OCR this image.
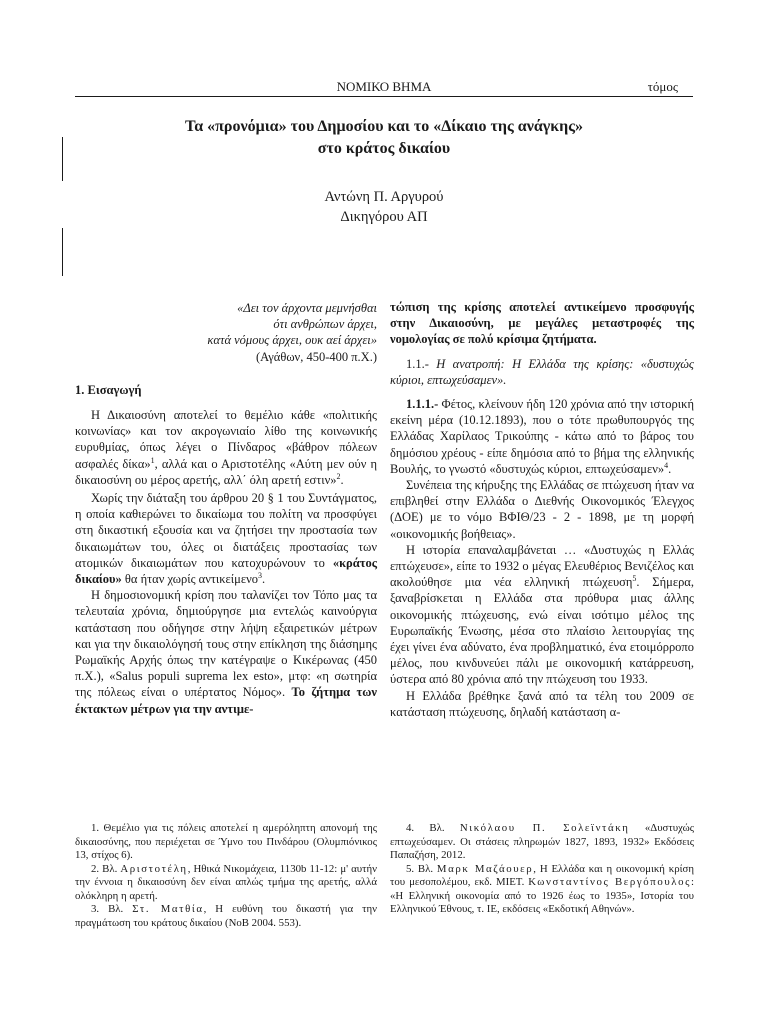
ΝΟΜΙΚΟ ΒΗΜΑ	τόμος
Τα «προνόμια» του Δημοσίου και το «Δίκαιο της ανάγκης»
στο κράτος δικαίου
Αντώνη Π. Αργυρού
Δικηγόρου ΑΠ
«Δει τον άρχοντα μεμνήσθαι
ότι ανθρώπων άρχει,
κατά νόμους άρχει, ουκ αεί άρχει»
(Αγάθων, 450-400 π.Χ.)
1. Εισαγωγή

Η Δικαιοσύνη αποτελεί το θεμέλιο κάθε «πολιτικής κοινωνίας» και τον ακρογωνιαίο λίθο της κοινωνικής ευρυθμίας, όπως λέγει ο Πίνδαρος «βάθρον πόλεων ασφαλές δίκα»$^1$, αλλά και ο Αριστοτέλης «Αύτη μεν ούν η δικαιοσύνη ου μέρος αρετής, αλλ΄ όλη αρετή εστιν»$^2$.

Χωρίς την διάταξη του άρθρου 20 § 1 του Συντάγματος, η οποία καθιερώνει το δικαίωμα του πολίτη να προσφύγει στη δικαστική εξουσία και να ζητήσει την προστασία των δικαιωμάτων του, όλες οι διατάξεις προστασίας των ατομικών δικαιωμάτων που κατοχυρώνουν το «κράτος δικαίου» θα ήταν χωρίς αντικείμενο$^3$.

Η δημοσιονομική κρίση που ταλανίζει τον Τόπο μας τα τελευταία χρόνια, δημιούργησε μια εντελώς καινούργια κατάσταση που οδήγησε στην λήψη εξαιρετικών μέτρων και για την δικαιολόγησή τους στην επίκληση της διάσημης Ρωμαϊκής Αρχής όπως την κατέγραψε ο Κικέρωνας (450 π.Χ.), «Salus populi suprema lex esto», μτφ: «η σωτηρία της πόλεως είναι ο υπέρτατος Νόμος». Το ζήτημα των έκτακτων μέτρων για την αντιμε-

τώπιση της κρίσης αποτελεί αντικείμενο προσφυγής στην Δικαιοσύνη, με μεγάλες μεταστροφές της νομολογίας σε πολύ κρίσιμα ζητήματα.

1.1.- Η ανατροπή: Η Ελλάδα της κρίσης: «δυστυχώς κύριοι, επτωχεύσαμεν».

1.1.1.- Φέτος, κλείνουν ήδη 120 χρόνια από την ιστορική εκείνη μέρα (10.12.1893), που ο τότε πρωθυπουργός της Ελλάδας Χαρίλαος Τρικούπης - κάτω από το βάρος του δημόσιου χρέους - είπε δημόσια από το βήμα της ελληνικής Βουλής, το γνωστό «δυστυχώς κύριοι, επτωχεύσαμεν»$^4$.

Συνέπεια της κήρυξης της Ελλάδας σε πτώχευση ήταν να επιβληθεί στην Ελλάδα ο Διεθνής Οικονομικός Έλεγχος (ΔΟΕ) με το νόμο ΒΦΙΘ/23 - 2 - 1898, με τη μορφή «οικονομικής βοήθειας».

Η ιστορία επαναλαμβάνεται … «Δυστυχώς η Ελλάς επτώχευσε», είπε το 1932 ο μέγας Ελευθέριος Βενιζέλος και ακολούθησε μια νέα ελληνική πτώχευση$^5$. Σήμερα, ξαναβρίσκεται η Ελλάδα στα πρόθυρα μιας άλλης οικονομικής πτώχευσης, ενώ είναι ισότιμο μέλος της Ευρωπαϊκής Ένωσης, μέσα στο πλαίσιο λειτουργίας της έχει γίνει ένα αδύνατο, ένα προβληματικό, ένα ετοιμόρροπο μέλος, που κινδυνεύει πάλι με οικονομική κατάρρευση, ύστερα από 80 χρόνια από την πτώχευση του 1933.

Η Ελλάδα βρέθηκε ξανά από τα τέλη του 2009 σε κατάσταση πτώχευσης, δηλαδή κατάσταση α-

1. Θεμέλιο για τις πόλεις αποτελεί η αμερόληπτη απονομή της δικαιοσύνης, που περιέχεται σε Ύμνο του Πινδάρου (Ολυμπιόνικος 13, στίχος 6).

2. Βλ. Αριστοτέλη, Ηθικά Νικομάχεια, 1130b 11-12: μ' αυτήν την έννοια η δικαιοσύνη δεν είναι απλώς τμήμα της αρετής, αλλά ολόκληρη η αρετή.

3. Βλ. Στ. Ματθία, Η ευθύνη του δικαστή για την πραγμάτωση του κράτους δικαίου (ΝοΒ 2004. 553).

4. Βλ. Νικόλαου Π. Σολεϊντάκη «Δυστυχώς επτωχεύσαμεν. Οι στάσεις πληρωμών 1827, 1893, 1932» Εκδόσεις Παπαζήση, 2012.

5. Βλ. Μαρκ Μαζάουερ, Η Ελλάδα και η οικονομική κρίση του μεσοπολέμου, εκδ. ΜΙΕΤ. Κωνσταντίνος Βεργόπουλος: «Η Ελληνική οικονομία από το 1926 έως το 1935», Ιστορία του Ελληνικού Έθνους, τ. ΙΕ, εκδόσεις «Εκδοτική Αθηνών».
